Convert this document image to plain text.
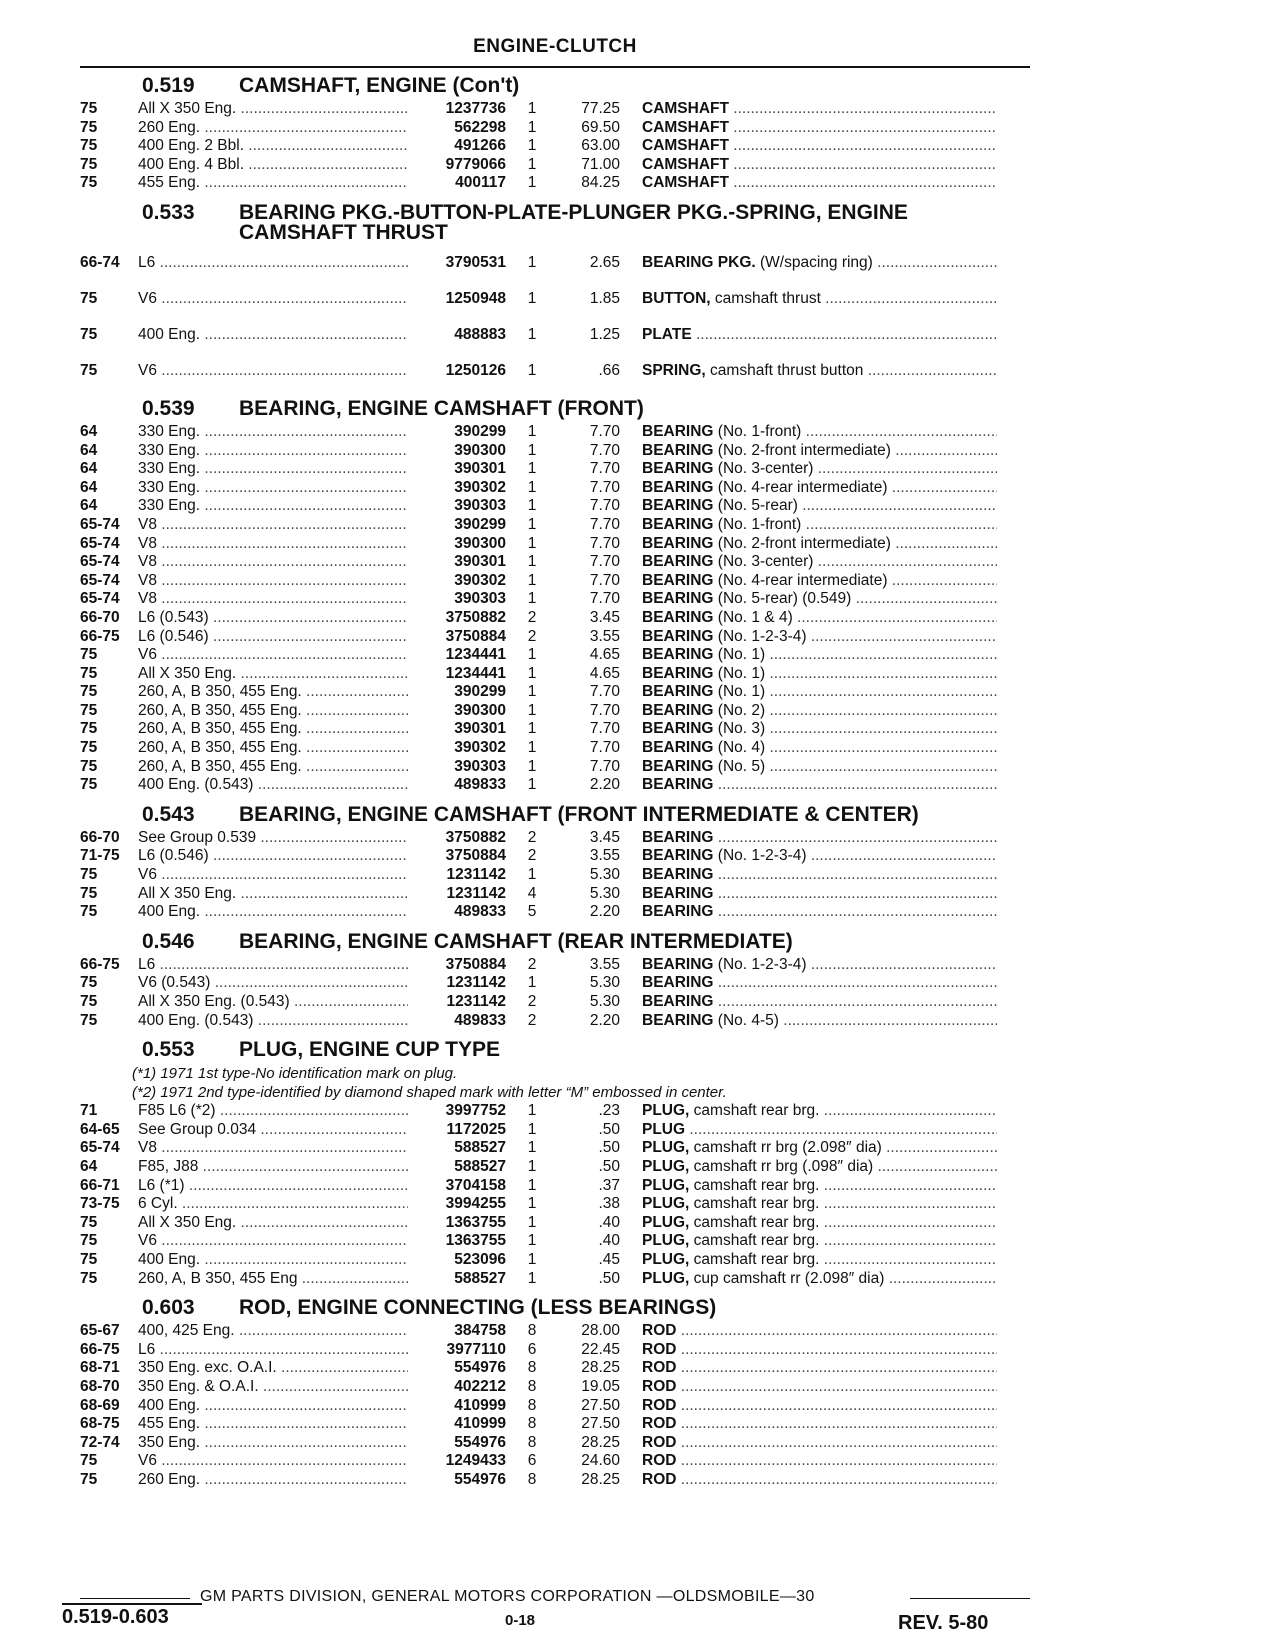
ENGINE-CLUTCH
0.519	CAMSHAFT, ENGINE (Con't)
75	All X 350 Eng. .....	1237736	1	77.25	CAMSHAFT .....
75	260 Eng. .....	562298	1	69.50	CAMSHAFT .....
75	400 Eng. 2 Bbl. .....	491266	1	63.00	CAMSHAFT .....
75	400 Eng. 4 Bbl. .....	9779066	1	71.00	CAMSHAFT .....
75	455 Eng. .....	400117	1	84.25	CAMSHAFT .....
0.533	BEARING PKG.-BUTTON-PLATE-PLUNGER PKG.-SPRING, ENGINE CAMSHAFT THRUST
66-74	L6 .....	3790531	1	2.65	BEARING PKG. (W/spacing ring) .....
75	V6 .....	1250948	1	1.85	BUTTON, camshaft thrust .....
75	400 Eng. .....	488883	1	1.25	PLATE .....
75	V6 .....	1250126	1	.66	SPRING, camshaft thrust button .....
0.539	BEARING, ENGINE CAMSHAFT (FRONT)
64	330 Eng. .....	390299	1	7.70	BEARING (No. 1-front) .....
64	330 Eng. .....	390300	1	7.70	BEARING (No. 2-front intermediate) .....
64	330 Eng. .....	390301	1	7.70	BEARING (No. 3-center) .....
64	330 Eng. .....	390302	1	7.70	BEARING (No. 4-rear intermediate) .....
64	330 Eng. .....	390303	1	7.70	BEARING (No. 5-rear) .....
65-74	V8 .....	390299	1	7.70	BEARING (No. 1-front) .....
65-74	V8 .....	390300	1	7.70	BEARING (No. 2-front intermediate) .....
65-74	V8 .....	390301	1	7.70	BEARING (No. 3-center) .....
65-74	V8 .....	390302	1	7.70	BEARING (No. 4-rear intermediate) .....
65-74	V8 .....	390303	1	7.70	BEARING (No. 5-rear) (0.549) .....
66-70	L6 (0.543) .....	3750882	2	3.45	BEARING (No. 1 & 4) .....
66-75	L6 (0.546) .....	3750884	2	3.55	BEARING (No. 1-2-3-4) .....
75	V6 .....	1234441	1	4.65	BEARING (No. 1) .....
75	All X 350 Eng. .....	1234441	1	4.65	BEARING (No. 1) .....
75	260, A, B 350, 455 Eng. .....	390299	1	7.70	BEARING (No. 1) .....
75	260, A, B 350, 455 Eng. .....	390300	1	7.70	BEARING (No. 2) .....
75	260, A, B 350, 455 Eng. .....	390301	1	7.70	BEARING (No. 3) .....
75	260, A, B 350, 455 Eng. .....	390302	1	7.70	BEARING (No. 4) .....
75	260, A, B 350, 455 Eng. .....	390303	1	7.70	BEARING (No. 5) .....
75	400 Eng. (0.543) .....	489833	1	2.20	BEARING .....
0.543	BEARING, ENGINE CAMSHAFT (FRONT INTERMEDIATE & CENTER)
66-70	See Group 0.539 .....	3750882	2	3.45	BEARING .....
71-75	L6 (0.546) .....	3750884	2	3.55	BEARING (No. 1-2-3-4) .....
75	V6 .....	1231142	1	5.30	BEARING .....
75	All X 350 Eng. .....	1231142	4	5.30	BEARING .....
75	400 Eng. .....	489833	5	2.20	BEARING .....
0.546	BEARING, ENGINE CAMSHAFT (REAR INTERMEDIATE)
66-75	L6 .....	3750884	2	3.55	BEARING (No. 1-2-3-4) .....
75	V6 (0.543) .....	1231142	1	5.30	BEARING .....
75	All X 350 Eng. (0.543) .....	1231142	2	5.30	BEARING .....
75	400 Eng. (0.543) .....	489833	2	2.20	BEARING (No. 4-5) .....
0.553	PLUG, ENGINE CUP TYPE
(*1) 1971 1st type-No identification mark on plug.
(*2) 1971 2nd type-identified by diamond shaped mark with letter “M” embossed in center.
71	F85 L6 (*2) .....	3997752	1	.23	PLUG, camshaft rear brg. .....
64-65	See Group 0.034 .....	1172025	1	.50	PLUG .....
65-74	V8 .....	588527	1	.50	PLUG, camshaft rr brg (2.098″ dia) .....
64	F85, J88 .....	588527	1	.50	PLUG, camshaft rr brg (.098″ dia) .....
66-71	L6 (*1) .....	3704158	1	.37	PLUG, camshaft rear brg. .....
73-75	6 Cyl. .....	3994255	1	.38	PLUG, camshaft rear brg. .....
75	All X 350 Eng. .....	1363755	1	.40	PLUG, camshaft rear brg. .....
75	V6 .....	1363755	1	.40	PLUG, camshaft rear brg. .....
75	400 Eng. .....	523096	1	.45	PLUG, camshaft rear brg. .....
75	260, A, B 350, 455 Eng .....	588527	1	.50	PLUG, cup camshaft rr (2.098″ dia) .....
0.603	ROD, ENGINE CONNECTING (LESS BEARINGS)
65-67	400, 425 Eng. .....	384758	8	28.00	ROD .....
66-75	L6 .....	3977110	6	22.45	ROD .....
68-71	350 Eng. exc. O.A.I. .....	554976	8	28.25	ROD .....
68-70	350 Eng. & O.A.I. .....	402212	8	19.05	ROD .....
68-69	400 Eng. .....	410999	8	27.50	ROD .....
68-75	455 Eng. .....	410999	8	27.50	ROD .....
72-74	350 Eng. .....	554976	8	28.25	ROD .....
75	V6 .....	1249433	6	24.60	ROD .....
75	260 Eng. .....	554976	8	28.25	ROD .....
GM PARTS DIVISION, GENERAL MOTORS CORPORATION —OLDSMOBILE—30
0.519-0.603	0-18	REV. 5-80
